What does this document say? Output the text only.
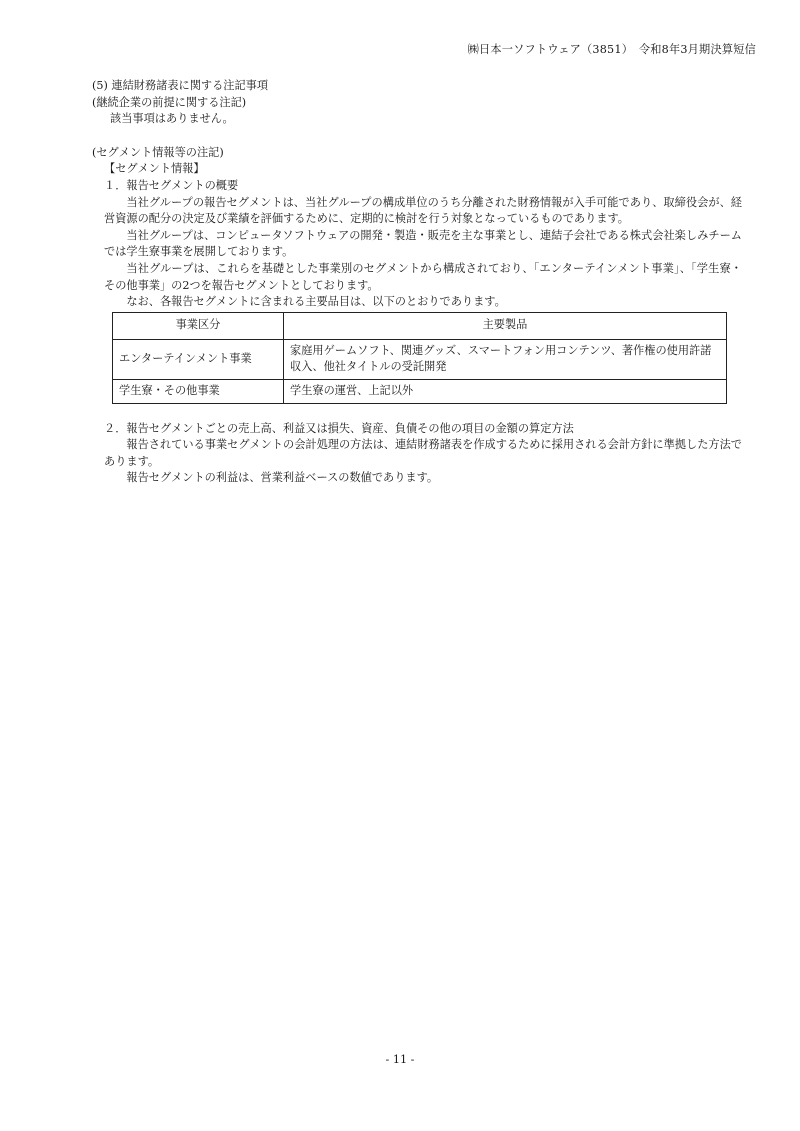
㈱日本一ソフトウェア（3851）　令和8年3月期決算短信
(5) 連結財務諸表に関する注記事項
(継続企業の前提に関する注記)
該当事項はありません。
(セグメント情報等の注記)
【セグメント情報】
１．報告セグメントの概要
当社グループの報告セグメントは、当社グループの構成単位のうち分離された財務情報が入手可能であり、取締役会が、経営資源の配分の決定及び業績を評価するために、定期的に検討を行う対象となっているものであります。
当社グループは、コンピュータソフトウェアの開発・製造・販売を主な事業とし、連結子会社である株式会社楽しみチームでは学生寮事業を展開しております。
当社グループは、これらを基礎とした事業別のセグメントから構成されており、「エンターテインメント事業」、「学生寮・その他事業」の2つを報告セグメントとしております。
なお、各報告セグメントに含まれる主要品目は、以下のとおりであります。
事業区分	主要製品
エンターテインメント事業	家庭用ゲームソフト、関連グッズ、スマートフォン用コンテンツ、著作権の使用許諾収入、他社タイトルの受託開発
学生寮・その他事業	学生寮の運営、上記以外
２．報告セグメントごとの売上高、利益又は損失、資産、負債その他の項目の金額の算定方法
報告されている事業セグメントの会計処理の方法は、連結財務諸表を作成するために採用される会計方針に準拠した方法であります。
報告セグメントの利益は、営業利益ベースの数値であります。
- 11 -
